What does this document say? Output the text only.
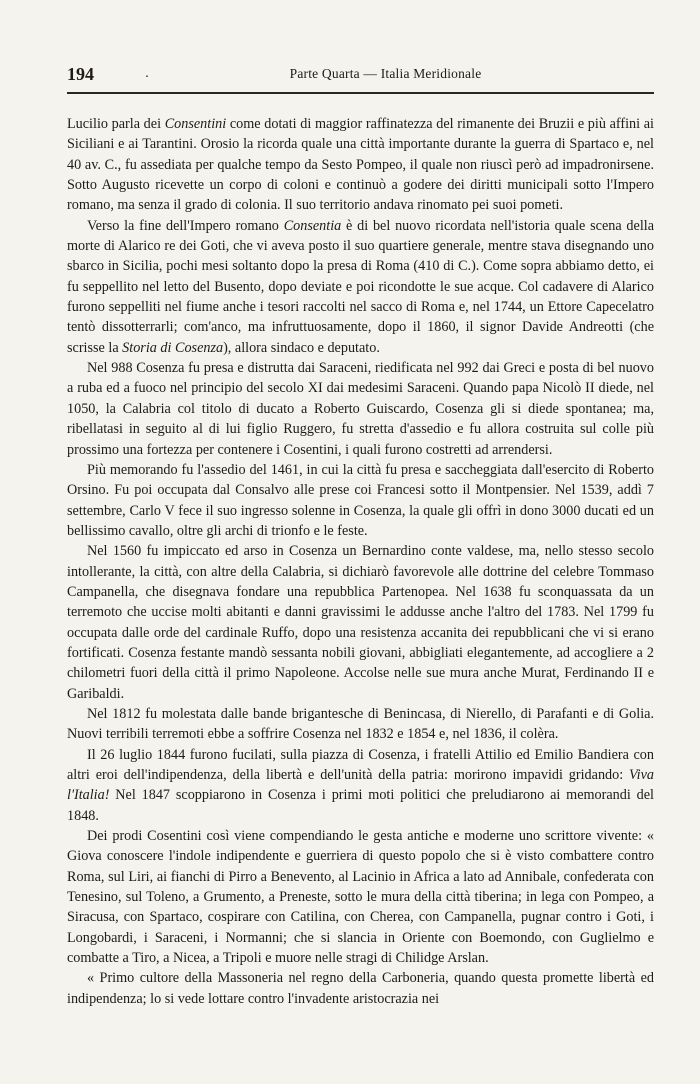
194	.	Parte Quarta — Italia Meridionale

Lucilio parla dei Consentini come dotati di maggior raffinatezza del rimanente dei Bruzii e più affini ai Siciliani e ai Tarantini. Orosio la ricorda quale una città importante durante la guerra di Spartaco e, nel 40 av. C., fu assediata per qualche tempo da Sesto Pompeo, il quale non riuscì però ad impadronirsene. Sotto Augusto ricevette un corpo di coloni e continuò a godere dei diritti municipali sotto l'Impero romano, ma senza il grado di colonia. Il suo territorio andava rinomato pei suoi pometi.

Verso la fine dell'Impero romano Consentia è di bel nuovo ricordata nell'istoria quale scena della morte di Alarico re dei Goti, che vi aveva posto il suo quartiere generale, mentre stava disegnando uno sbarco in Sicilia, pochi mesi soltanto dopo la presa di Roma (410 di C.). Come sopra abbiamo detto, ei fu seppellito nel letto del Busento, dopo deviate e poi ricondotte le sue acque. Col cadavere di Alarico furono seppelliti nel fiume anche i tesori raccolti nel sacco di Roma e, nel 1744, un Ettore Capecelatro tentò dissotterrarli; com'anco, ma infruttuosamente, dopo il 1860, il signor Davide Andreotti (che scrisse la Storia di Cosenza), allora sindaco e deputato.

Nel 988 Cosenza fu presa e distrutta dai Saraceni, riedificata nel 992 dai Greci e posta di bel nuovo a ruba ed a fuoco nel principio del secolo XI dai medesimi Saraceni. Quando papa Nicolò II diede, nel 1050, la Calabria col titolo di ducato a Roberto Guiscardo, Cosenza gli si diede spontanea; ma, ribellatasi in seguito al di lui figlio Ruggero, fu stretta d'assedio e fu allora costruita sul colle più prossimo una fortezza per contenere i Cosentini, i quali furono costretti ad arrendersi.

Più memorando fu l'assedio del 1461, in cui la città fu presa e saccheggiata dall'esercito di Roberto Orsino. Fu poi occupata dal Consalvo alle prese coi Francesi sotto il Montpensier. Nel 1539, addì 7 settembre, Carlo V fece il suo ingresso solenne in Cosenza, la quale gli offrì in dono 3000 ducati ed un bellissimo cavallo, oltre gli archi di trionfo e le feste.

Nel 1560 fu impiccato ed arso in Cosenza un Bernardino conte valdese, ma, nello stesso secolo intollerante, la città, con altre della Calabria, si dichiarò favorevole alle dottrine del celebre Tommaso Campanella, che disegnava fondare una repubblica Partenopea. Nel 1638 fu sconquassata da un terremoto che uccise molti abitanti e danni gravissimi le addusse anche l'altro del 1783. Nel 1799 fu occupata dalle orde del cardinale Ruffo, dopo una resistenza accanita dei repubblicani che vi si erano fortificati. Cosenza festante mandò sessanta nobili giovani, abbigliati elegantemente, ad accogliere a 2 chilometri fuori della città il primo Napoleone. Accolse nelle sue mura anche Murat, Ferdinando II e Garibaldi.

Nel 1812 fu molestata dalle bande brigantesche di Benincasa, di Nierello, di Parafanti e di Golia. Nuovi terribili terremoti ebbe a soffrire Cosenza nel 1832 e 1854 e, nel 1836, il colèra.

Il 26 luglio 1844 furono fucilati, sulla piazza di Cosenza, i fratelli Attilio ed Emilio Bandiera con altri eroi dell'indipendenza, della libertà e dell'unità della patria: morirono impavidi gridando: Viva l'Italia! Nel 1847 scoppiarono in Cosenza i primi moti politici che preludiarono ai memorandi del 1848.

Dei prodi Cosentini così viene compendiando le gesta antiche e moderne uno scrittore vivente: « Giova conoscere l'indole indipendente e guerriera di questo popolo che si è visto combattere contro Roma, sul Liri, ai fianchi di Pirro a Benevento, al Lacinio in Africa a lato ad Annibale, confederata con Tenesino, sul Toleno, a Grumento, a Preneste, sotto le mura della città tiberina; in lega con Pompeo, a Siracusa, con Spartaco, cospirare con Catilina, con Cherea, con Campanella, pugnar contro i Goti, i Longobardi, i Saraceni, i Normanni; che si slancia in Oriente con Boemondo, con Guglielmo e combatte a Tiro, a Nicea, a Tripoli e muore nelle stragi di Chilidge Arslan.

« Primo cultore della Massoneria nel regno della Carboneria, quando questa promette libertà ed indipendenza; lo si vede lottare contro l'invadente aristocrazia nei
